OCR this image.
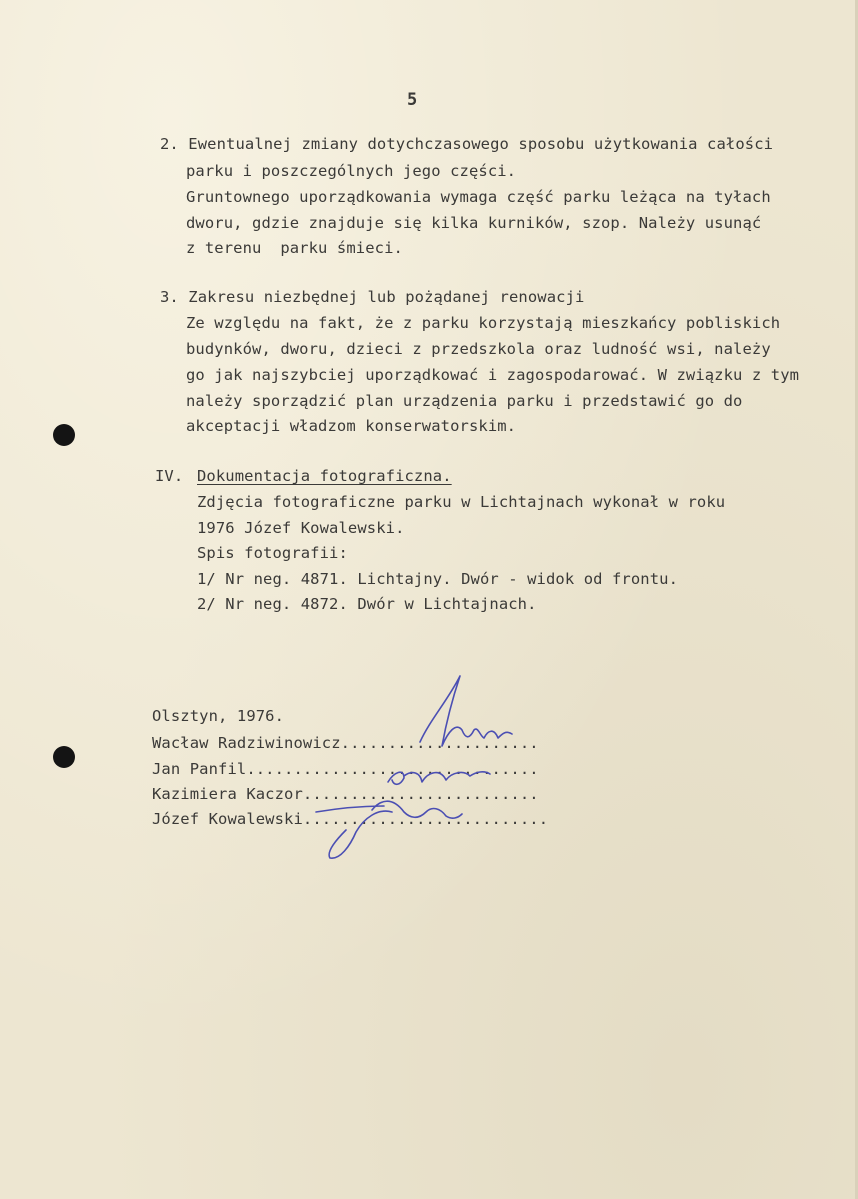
5
2. Ewentualnej zmiany dotychczasowego sposobu użytkowania całości
parku i poszczególnych jego części.
Gruntownego uporządkowania wymaga część parku leżąca na tyłach
dworu, gdzie znajduje się kilka kurników, szop. Należy usunąć
z terenu  parku śmieci.
3. Zakresu niezbędnej lub pożądanej renowacji
Ze względu na fakt, że z parku korzystają mieszkańcy pobliskich
budynków, dworu, dzieci z przedszkola oraz ludność wsi, należy
go jak najszybciej uporządkować i zagospodarować. W związku z tym
należy sporządzić plan urządzenia parku i przedstawić go do
akceptacji władzom konserwatorskim.
IV. Dokumentacja fotograficzna.
Zdjęcia fotograficzne parku w Lichtajnach wykonał w roku
1976 Józef Kowalewski.
Spis fotografii:
1/ Nr neg. 4871. Lichtajny. Dwór - widok od frontu.
2/ Nr neg. 4872. Dwór w Lichtajnach.
Olsztyn, 1976.
Wacław Radziwinowicz.....................
Jan Panfil...............................
Kazimiera Kaczor.........................
Józef Kowalewski..........................
